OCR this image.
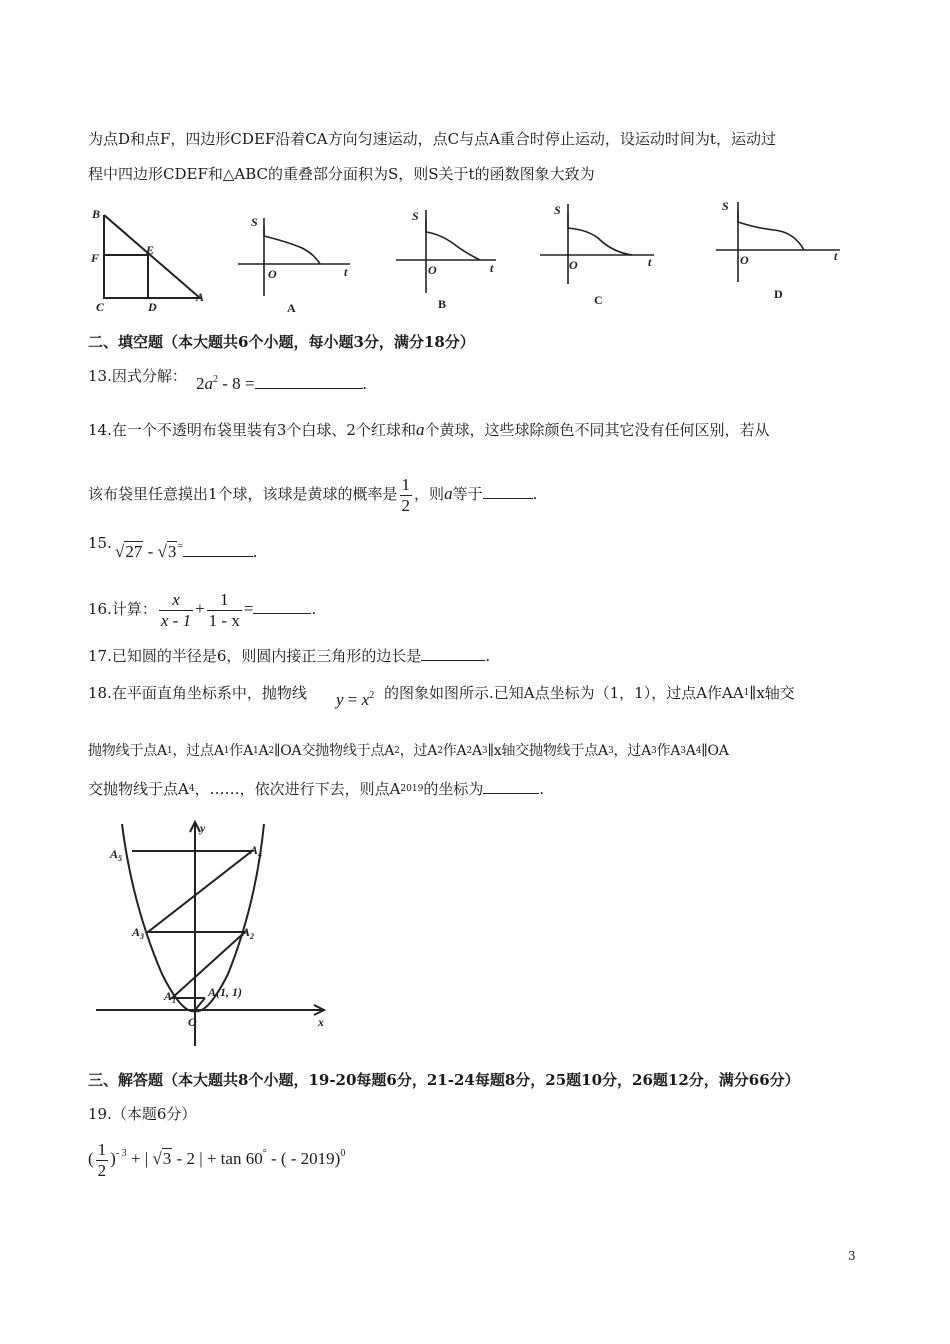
为点D和点F，四边形CDEF沿着CA方向匀速运动，点C与点A重合时停止运动，设运动时间为t，运动过
程中四边形CDEF和△ABC的重叠部分面积为S，则S关于t的函数图象大致为
B
F
E
C	D
A
S
t
O
A
S
t
O
B
S
t
O
C
S
t
O
D
二、填空题（本大题共6个小题，每小题3分，满分18分）
13.因式分解： $2a^2 - 8$ =	.
14.在一个不透明布袋里装有3个白球、2个红球和a个黄球，这些球除颜色不同其它没有任何区别，若从
该布袋里任意摸出1个球，该球是黄球的概率是 $\frac{1}{2}$ ，则a等于	.
15. √27 - √3=	.
16.计算： $\frac{x}{x - 1} + \frac{1}{1 - x}$ =	.
17.已知圆的半径是6，则圆内接正三角形的边长是	.
18.在平面直角坐标系中，抛物线 $y = x^2$ 的图象如图所示.已知A点坐标为（1，1），过点A作AA1∥x轴交
抛物线于点A1，过点A1作A1A2∥OA交抛物线于点A2，过A2作A2A3∥x轴交抛物线于点A3，过A3作A3A4∥OA
交抛物线于点A4，……，依次进行下去，则点A2019的坐标为	.
$A_5$
$A_4$
$A_3$	$A_2$
$A_1$
A(1, 1)
O
y
x
三、解答题（本大题共8个小题，19-20每题6分，21-24每题8分，25题10分，26题12分，满分66分）
19.（本题6分）
( $\frac{1}{2} )^{- 3}$ + | √3 - 2 | + tan 60° - ( - 2019)$^0$
3
